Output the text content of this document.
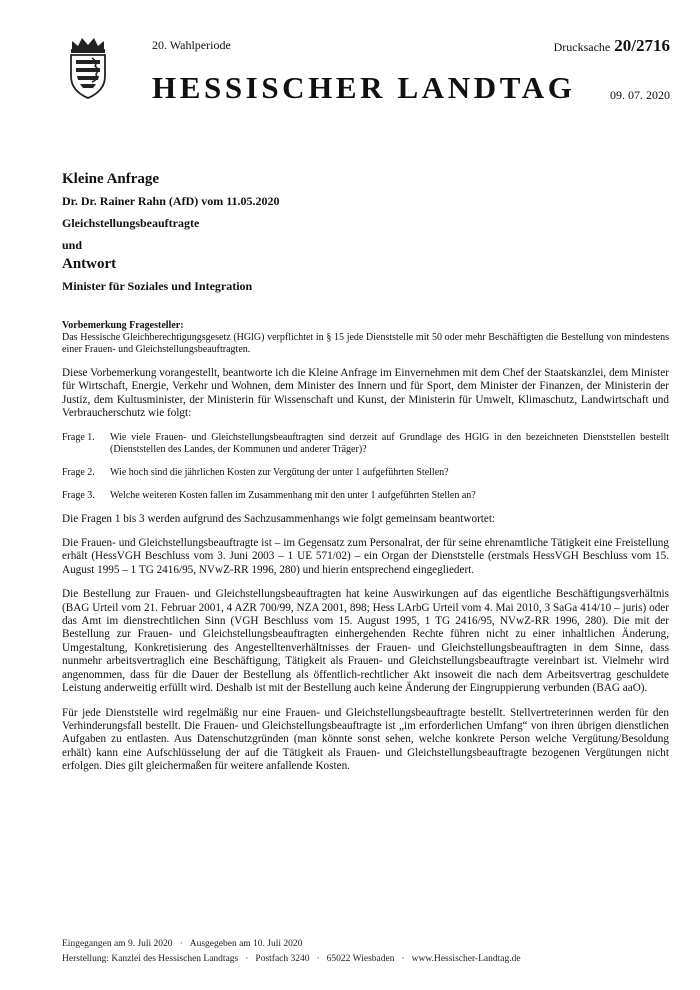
20. Wahlperiode
HESSISCHER LANDTAG
Drucksache 20/2716
09. 07. 2020
Kleine Anfrage
Dr. Dr. Rainer Rahn (AfD) vom 11.05.2020
Gleichstellungsbeauftragte
und
Antwort
Minister für Soziales und Integration
Vorbemerkung Fragesteller:

Das Hessische Gleichberechtigungsgesetz (HGlG) verpflichtet in § 15 jede Dienststelle mit 50 oder mehr Beschäftigten die Bestellung von mindestens einer Frauen- und Gleichstellungsbeauftragten.

Diese Vorbemerkung vorangestellt, beantworte ich die Kleine Anfrage im Einvernehmen mit dem Chef der Staatskanzlei, dem Minister für Wirtschaft, Energie, Verkehr und Wohnen, dem Minister des Innern und für Sport, dem Minister der Finanzen, der Ministerin der Justiz, dem Kultusminister, der Ministerin für Wissenschaft und Kunst, der Ministerin für Umwelt, Klimaschutz, Landwirtschaft und Verbraucherschutz wie folgt:

Frage 1.	Wie viele Frauen- und Gleichstellungsbeauftragten sind derzeit auf Grundlage des HGlG in den bezeichneten Dienststellen bestellt (Dienststellen des Landes, der Kommunen und anderer Träger)?
Frage 2.	Wie hoch sind die jährlichen Kosten zur Vergütung der unter 1 aufgeführten Stellen?
Frage 3.	Welche weiteren Kosten fallen im Zusammenhang mit den unter 1 aufgeführten Stellen an?

Die Fragen 1 bis 3 werden aufgrund des Sachzusammenhangs wie folgt gemeinsam beantwortet:

Die Frauen- und Gleichstellungsbeauftragte ist – im Gegensatz zum Personalrat, der für seine ehrenamtliche Tätigkeit eine Freistellung erhält (HessVGH Beschluss vom 3. Juni 2003 – 1 UE 571/02) – ein Organ der Dienststelle (erstmals HessVGH Beschluss vom 15. August 1995 – 1 TG 2416/95, NVwZ-RR 1996, 280) und hierin entsprechend eingegliedert.

Die Bestellung zur Frauen- und Gleichstellungsbeauftragten hat keine Auswirkungen auf das eigentliche Beschäftigungsverhältnis (BAG Urteil vom 21. Februar 2001, 4 AZR 700/99, NZA 2001, 898; Hess LArbG Urteil vom 4. Mai 2010, 3 SaGa 414/10 – juris) oder das Amt im dienstrechtlichen Sinn (VGH Beschluss vom 15. August 1995, 1 TG 2416/95, NVwZ-RR 1996, 280). Die mit der Bestellung zur Frauen- und Gleichstellungsbeauftragten einhergehenden Rechte führen nicht zu einer inhaltlichen Änderung, Umgestaltung, Konkretisierung des Angestelltenverhältnisses der Frauen- und Gleichstellungsbeauftragten in dem Sinne, dass nunmehr arbeitsvertraglich eine Beschäftigung, Tätigkeit als Frauen- und Gleichstellungsbeauftragte vereinbart ist. Vielmehr wird angenommen, dass für die Dauer der Bestellung als öffentlich-rechtlicher Akt insoweit die nach dem Arbeitsvertrag geschuldete Leistung anderweitig erfüllt wird. Deshalb ist mit der Bestellung auch keine Änderung der Eingruppierung verbunden (BAG aaO).

Für jede Dienststelle wird regelmäßig nur eine Frauen- und Gleichstellungsbeauftragte bestellt. Stellvertreterinnen werden für den Verhinderungsfall bestellt. Die Frauen- und Gleichstellungsbeauftragte ist „im erforderlichen Umfang“ von ihren übrigen dienstlichen Aufgaben zu entlasten. Aus Datenschutzgründen (man könnte sonst sehen, welche konkrete Person welche Vergütung/Besoldung erhält) kann eine Aufschlüsselung der auf die Tätigkeit als Frauen- und Gleichstellungsbeauftragte bezogenen Vergütungen nicht erfolgen. Dies gilt gleichermaßen für weitere anfallende Kosten.

Eingegangen am 9. Juli 2020 · Ausgegeben am 10. Juli 2020
Herstellung: Kanzlei des Hessischen Landtags · Postfach 3240 · 65022 Wiesbaden · www.Hessischer-Landtag.de
